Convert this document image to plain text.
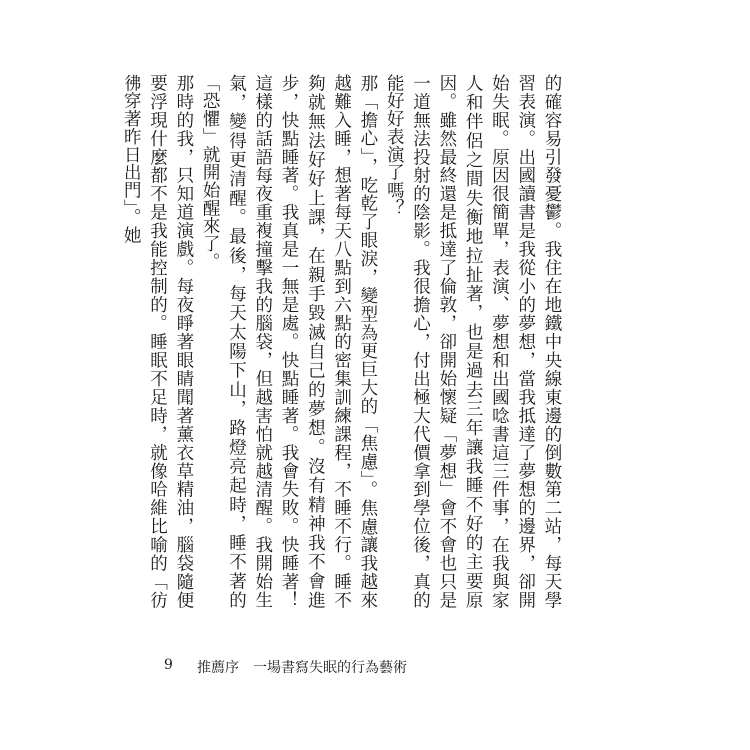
的確容易引發憂鬱。我住在地鐵中央線東邊的倒數第二站，每天學習表演。出國讀書是我從小的夢想，當我抵達了夢想的邊界，卻開始失眠。原因很簡單，表演、夢想和出國唸書這三件事，在我與家人和伴侶之間失衡地拉扯著，也是過去三年讓我睡不好的主要原因。雖然最終還是抵達了倫敦，卻開始懷疑「夢想」會不會也只是一道無法投射的陰影。我很擔心，付出極大代價拿到學位後，真的能好好表演了嗎？

那「擔心」，吃乾了眼淚，變型為更巨大的「焦慮」。焦慮讓我越來越難入睡，想著每天八點到六點的密集訓練課程，不睡不行。睡不夠就無法好好上課，在親手毀滅自己的夢想。沒有精神我不會進步，快點睡著。我真是一無是處。快點睡著。我會失敗。快睡著！這樣的話語每夜重複撞擊我的腦袋，但越害怕就越清醒。我開始生氣，變得更清醒。最後，每天太陽下山，路燈亮起時，睡不著的「恐懼」就開始醒來了。

那時的我，只知道演戲。每夜睜著眼睛聞著薰衣草精油，腦袋隨便要浮現什麼都不是我能控制的。睡眠不足時，就像哈維比喻的「彷彿穿著昨日出門」。她

9 推薦序　一場書寫失眠的行為藝術
